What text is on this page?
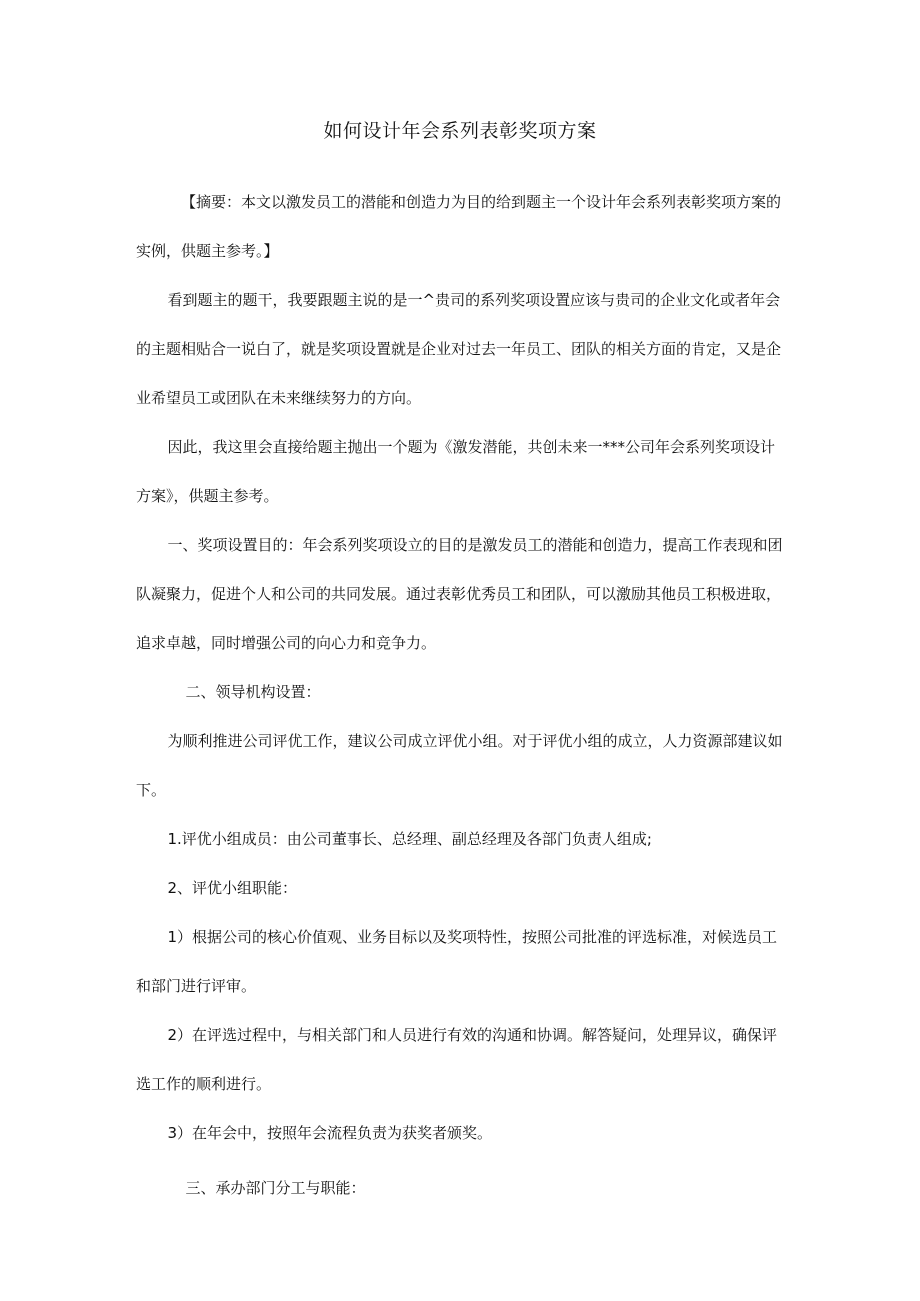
如何设计年会系列表彰奖项方案

【摘要：本文以激发员工的潜能和创造力为目的给到题主一个设计年会系列表彰奖项方案的实例，供题主参考。】

看到题主的题干，我要跟题主说的是一^贵司的系列奖项设置应该与贵司的企业文化或者年会的主题相贴合一说白了，就是奖项设置就是企业对过去一年员工、团队的相关方面的肯定，又是企业希望员工或团队在未来继续努力的方向。

因此，我这里会直接给题主抛出一个题为《激发潜能，共创未来一***公司年会系列奖项设计方案》，供题主参考。

一、奖项设置目的：年会系列奖项设立的目的是激发员工的潜能和创造力，提高工作表现和团队凝聚力，促进个人和公司的共同发展。通过表彰优秀员工和团队，可以激励其他员工积极进取，追求卓越，同时增强公司的向心力和竞争力。

二、领导机构设置：

为顺利推进公司评优工作，建议公司成立评优小组。对于评优小组的成立，人力资源部建议如下。

1.评优小组成员：由公司董事长、总经理、副总经理及各部门负责人组成;

2、评优小组职能：

1）根据公司的核心价值观、业务目标以及奖项特性，按照公司批准的评选标准，对候选员工和部门进行评审。

2）在评选过程中，与相关部门和人员进行有效的沟通和协调。解答疑问，处理异议，确保评选工作的顺利进行。

3）在年会中，按照年会流程负责为获奖者颁奖。

三、承办部门分工与职能：
